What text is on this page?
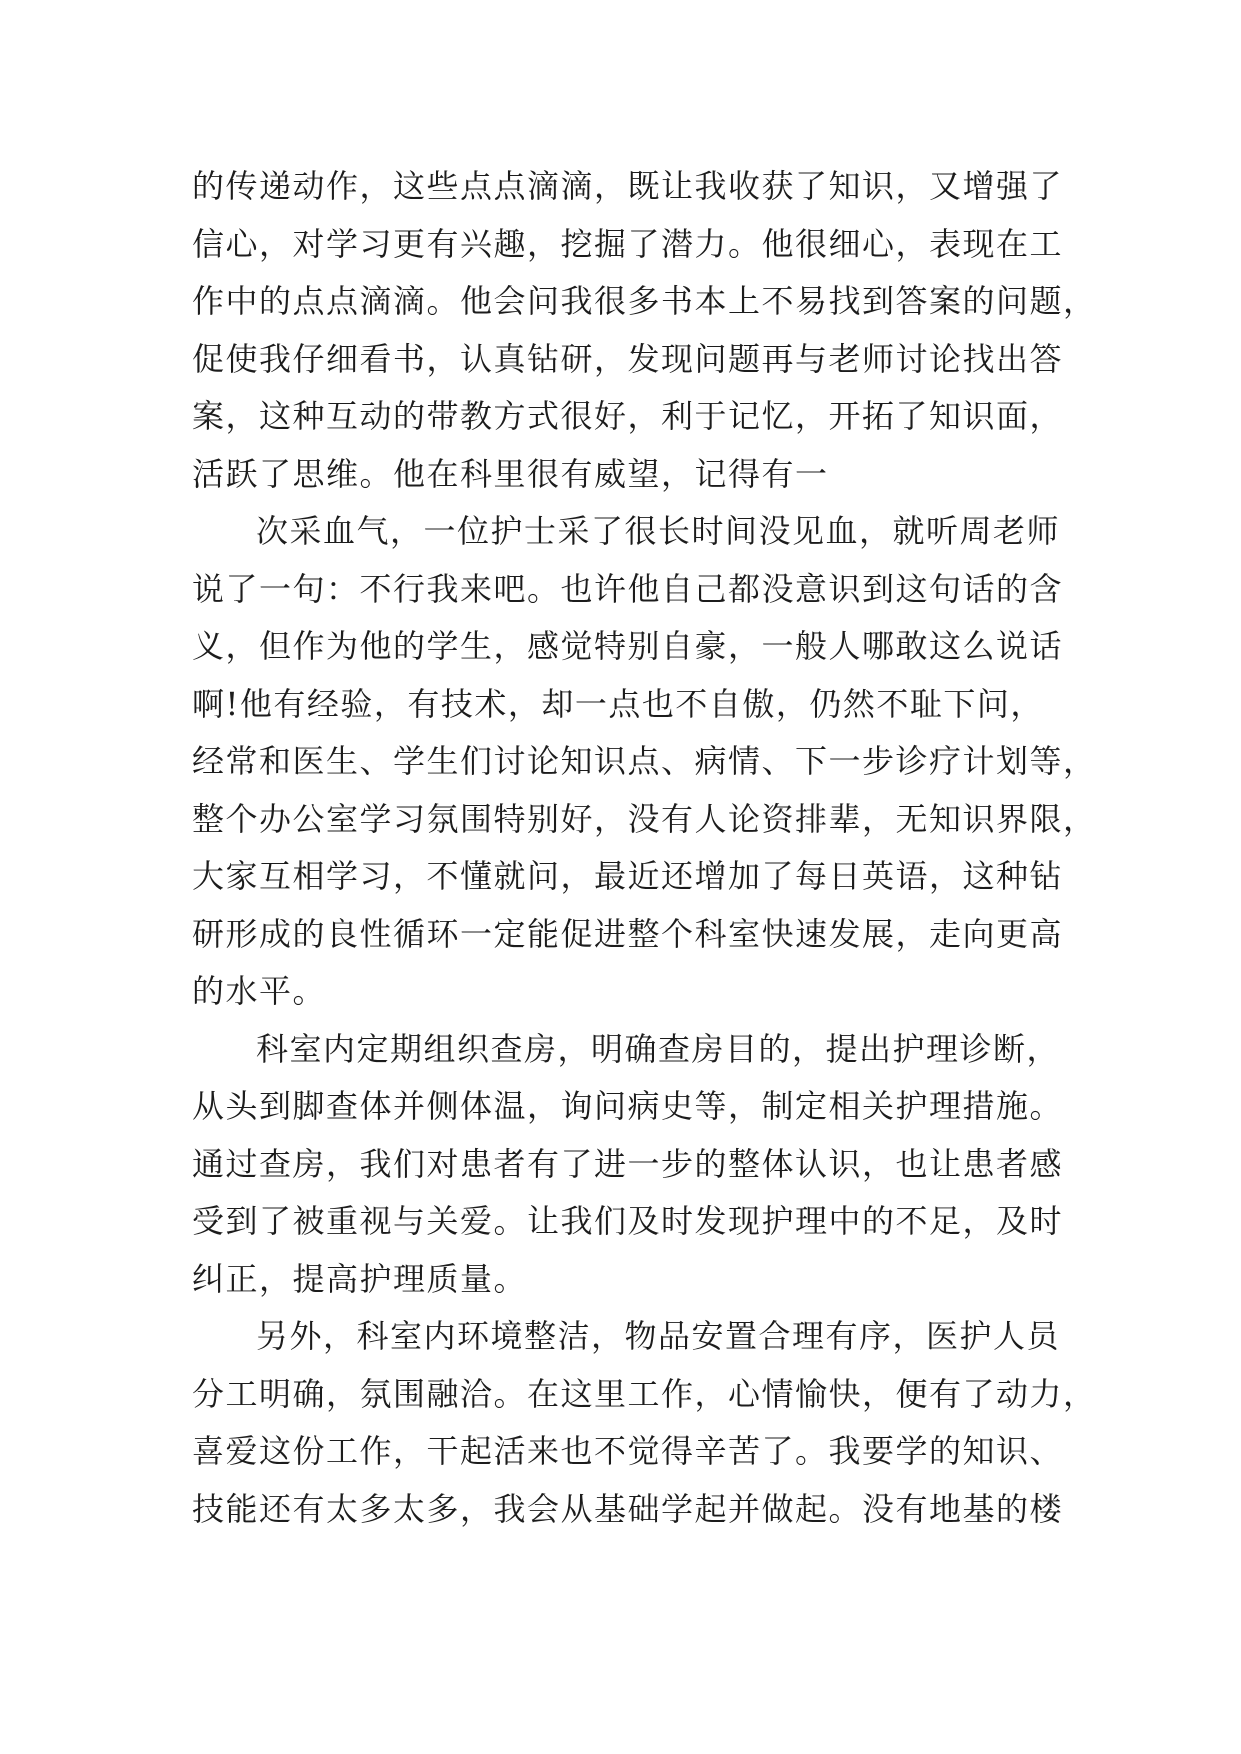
的传递动作，这些点点滴滴，既让我收获了知识，又增强了
信心，对学习更有兴趣，挖掘了潜力。他很细心，表现在工
作中的点点滴滴。他会问我很多书本上不易找到答案的问题，
促使我仔细看书，认真钻研，发现问题再与老师讨论找出答
案，这种互动的带教方式很好，利于记忆，开拓了知识面，
活跃了思维。他在科里很有威望，记得有一
次采血气，一位护士采了很长时间没见血，就听周老师
说了一句：不行我来吧。也许他自己都没意识到这句话的含
义，但作为他的学生，感觉特别自豪，一般人哪敢这么说话
啊!他有经验，有技术，却一点也不自傲，仍然不耻下问，
经常和医生、学生们讨论知识点、病情、下一步诊疗计划等，
整个办公室学习氛围特别好，没有人论资排辈，无知识界限，
大家互相学习，不懂就问，最近还增加了每日英语，这种钻
研形成的良性循环一定能促进整个科室快速发展，走向更高
的水平。
科室内定期组织查房，明确查房目的，提出护理诊断，
从头到脚查体并侧体温，询问病史等，制定相关护理措施。
通过查房，我们对患者有了进一步的整体认识，也让患者感
受到了被重视与关爱。让我们及时发现护理中的不足，及时
纠正，提高护理质量。
另外，科室内环境整洁，物品安置合理有序，医护人员
分工明确，氛围融洽。在这里工作，心情愉快，便有了动力，
喜爱这份工作，干起活来也不觉得辛苦了。我要学的知识、
技能还有太多太多，我会从基础学起并做起。没有地基的楼
